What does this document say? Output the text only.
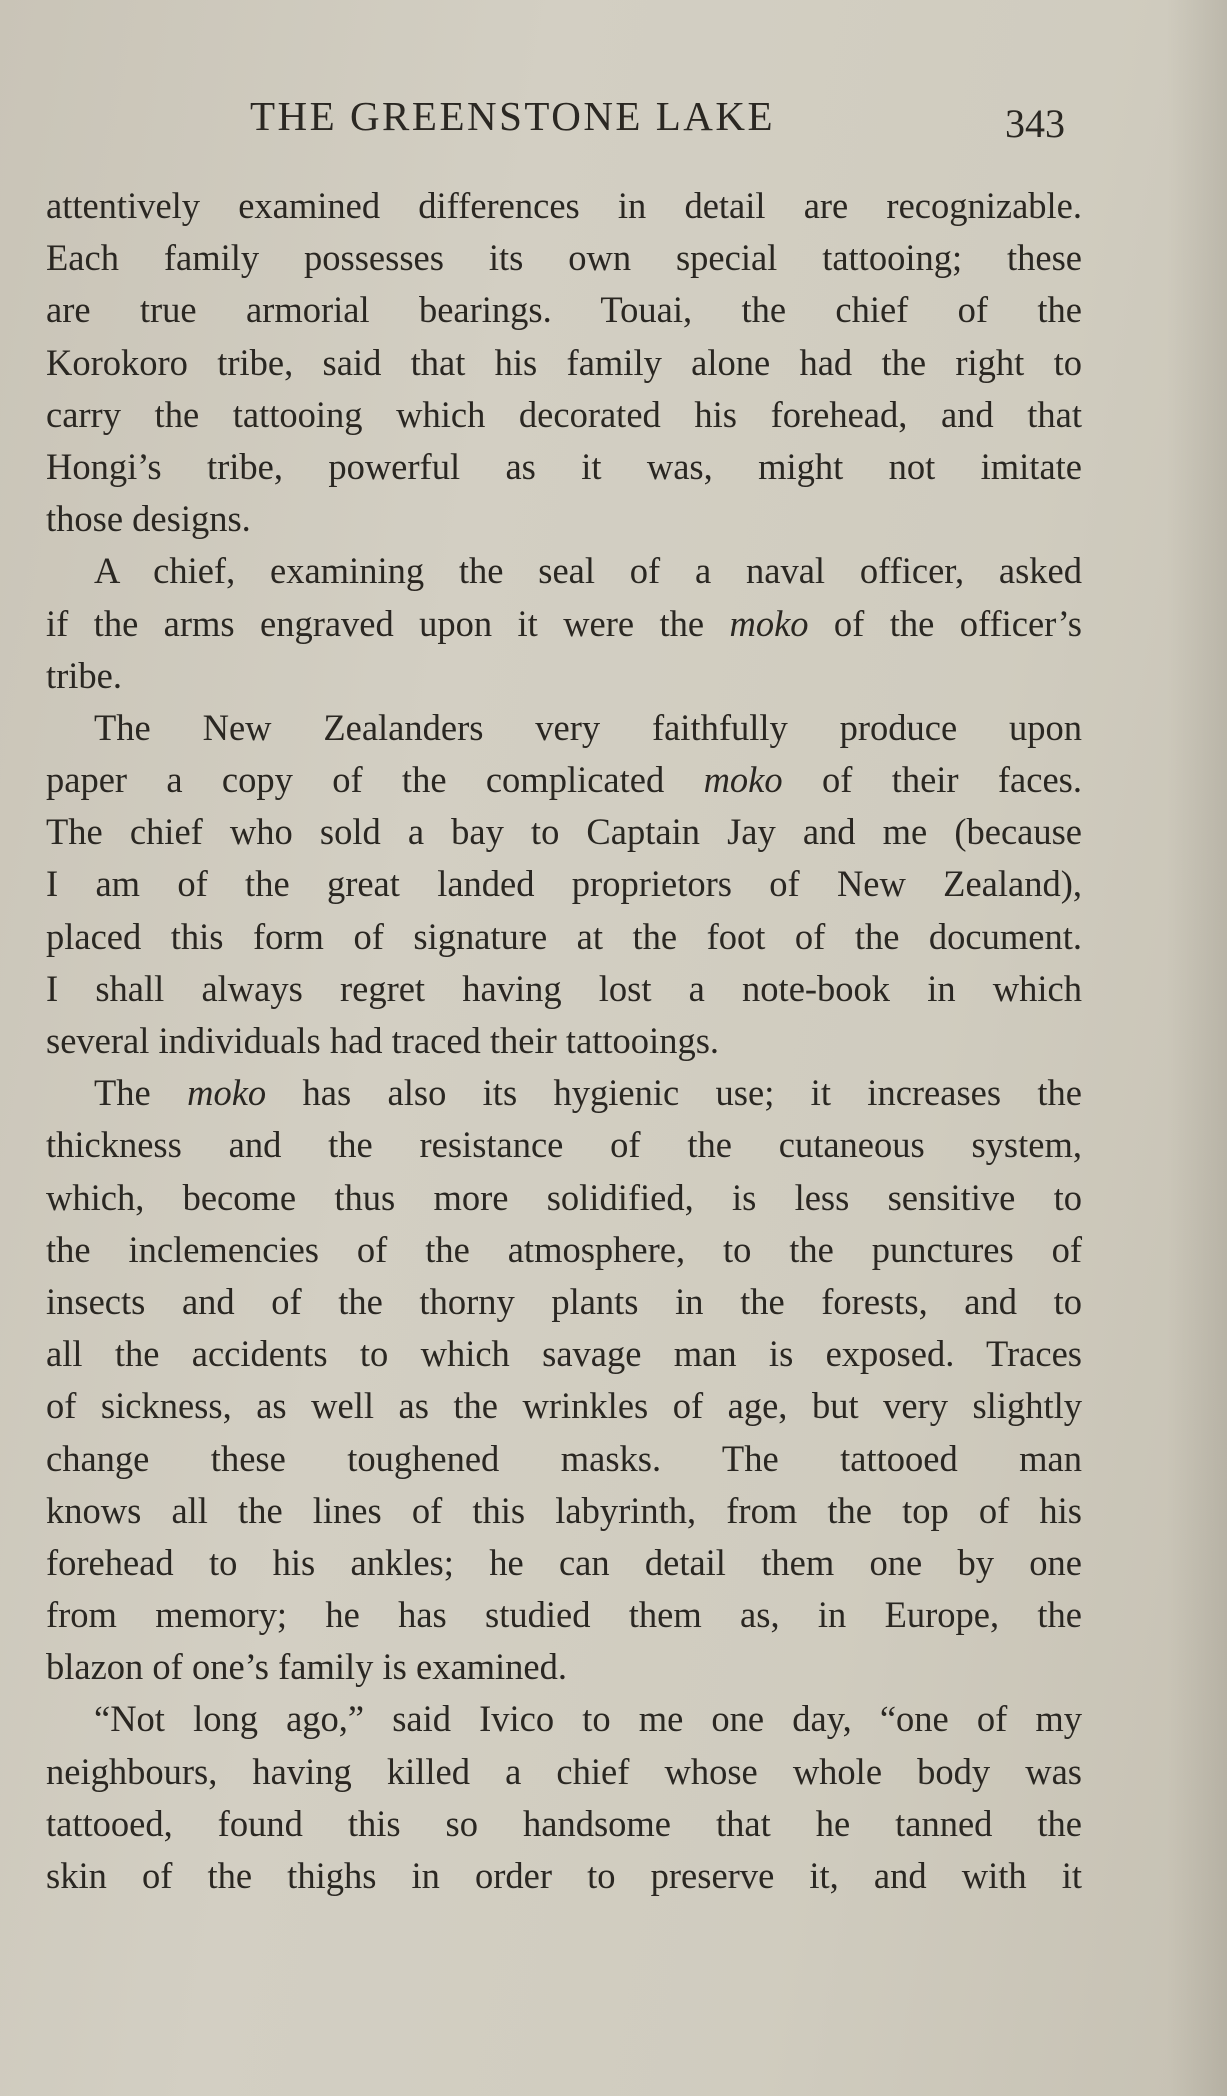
THE GREENSTONE LAKE	343
attentively examined differences in detail are recognizable.
Each family possesses its own special tattooing; these
are true armorial bearings. Touai, the chief of the
Korokoro tribe, said that his family alone had the right to
carry the tattooing which decorated his forehead, and that
Hongi’s tribe, powerful as it was, might not imitate
those designs.
A chief, examining the seal of a naval officer, asked
if the arms engraved upon it were the moko of the officer’s
tribe.
The New Zealanders very faithfully produce upon
paper a copy of the complicated moko of their faces.
The chief who sold a bay to Captain Jay and me (because
I am of the great landed proprietors of New Zealand),
placed this form of signature at the foot of the document.
I shall always regret having lost a note-book in which
several individuals had traced their tattooings.
The moko has also its hygienic use; it increases the
thickness and the resistance of the cutaneous system,
which, become thus more solidified, is less sensitive to
the inclemencies of the atmosphere, to the punctures of
insects and of the thorny plants in the forests, and to
all the accidents to which savage man is exposed. Traces
of sickness, as well as the wrinkles of age, but very slightly
change these toughened masks. The tattooed man
knows all the lines of this labyrinth, from the top of his
forehead to his ankles; he can detail them one by one
from memory; he has studied them as, in Europe, the
blazon of one’s family is examined.
“Not long ago,” said Ivico to me one day, “one of my
neighbours, having killed a chief whose whole body was
tattooed, found this so handsome that he tanned the
skin of the thighs in order to preserve it, and with it
